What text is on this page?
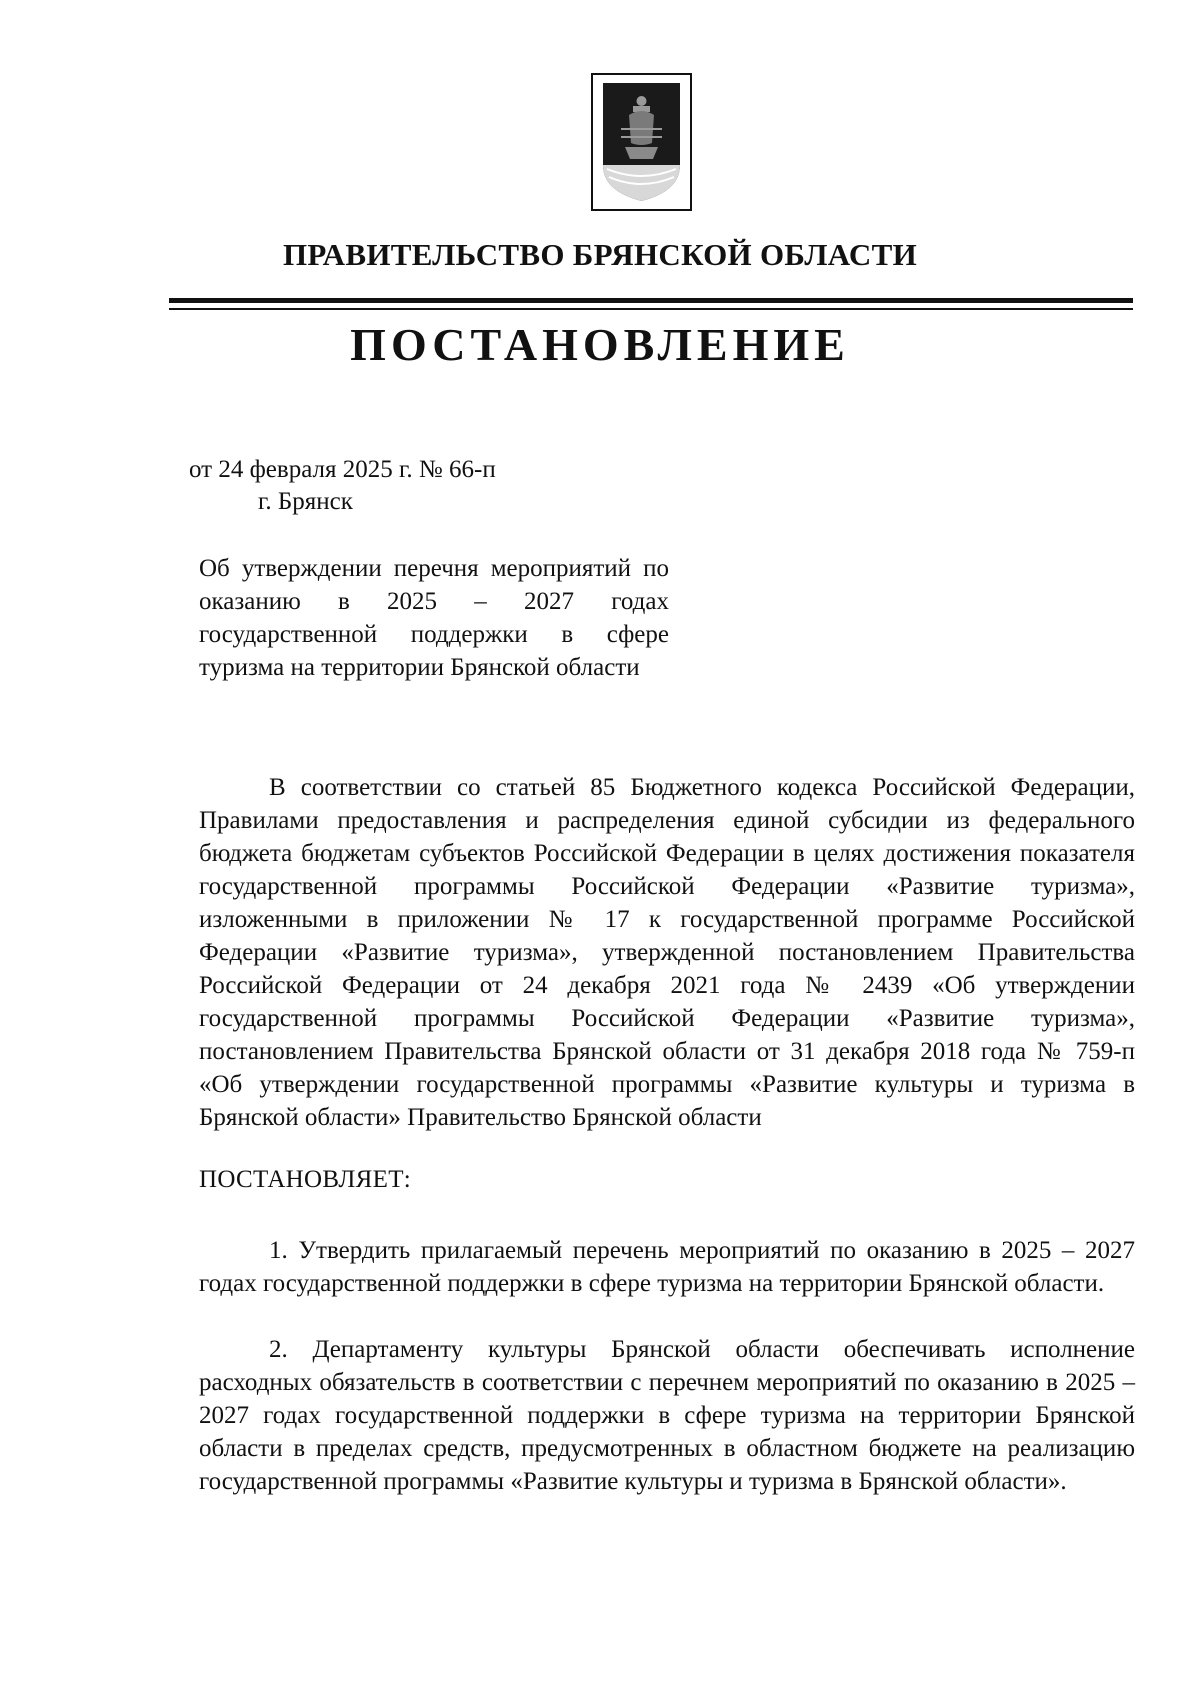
ПРАВИТЕЛЬСТВО БРЯНСКОЙ ОБЛАСТИ
ПОСТАНОВЛЕНИЕ
от 24 февраля 2025 г. № 66-п
г. Брянск
Об утверждении перечня мероприятий по оказанию в 2025 – 2027 годах государственной поддержки в сфере туризма на территории Брянской области
В соответствии со статьей 85 Бюджетного кодекса Российской Федерации, Правилами предоставления и распределения единой субсидии из федерального бюджета бюджетам субъектов Российской Федерации в целях достижения показателя государственной программы Российской Федерации «Развитие туризма», изложенными в приложении № 17 к государственной программе Российской Федерации «Развитие туризма», утвержденной постановлением Правительства Российской Федерации от 24 декабря 2021 года № 2439 «Об утверждении государственной программы Российской Федерации «Развитие туризма», постановлением Правительства Брянской области от 31 декабря 2018 года № 759-п «Об утверждении государственной программы «Развитие культуры и туризма в Брянской области» Правительство Брянской области
ПОСТАНОВЛЯЕТ:
1. Утвердить прилагаемый перечень мероприятий по оказанию в 2025 – 2027 годах государственной поддержки в сфере туризма на территории Брянской области.
2. Департаменту культуры Брянской области обеспечивать исполнение расходных обязательств в соответствии с перечнем мероприятий по оказанию в 2025 – 2027 годах государственной поддержки в сфере туризма на территории Брянской области в пределах средств, предусмотренных в областном бюджете на реализацию государственной программы «Развитие культуры и туризма в Брянской области».
